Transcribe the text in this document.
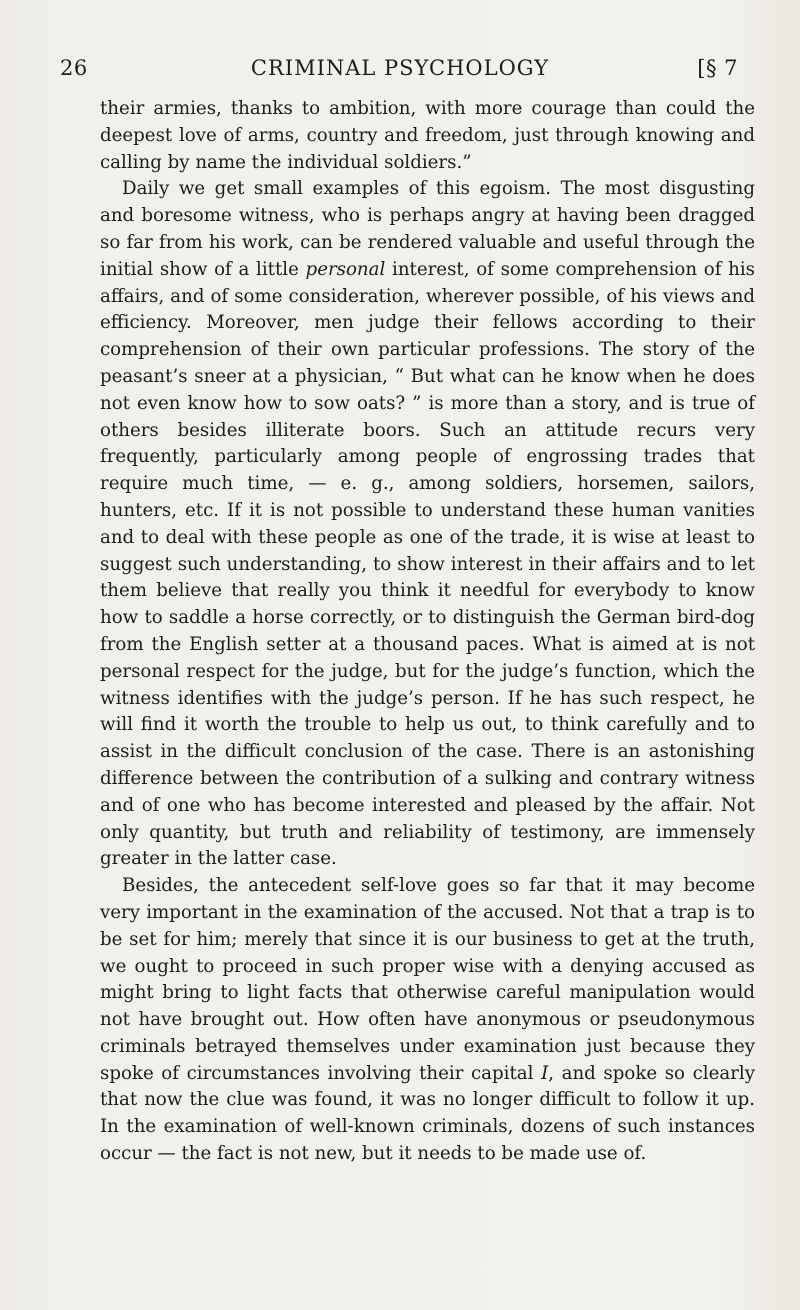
26	CRIMINAL PSYCHOLOGY	[§ 7

their armies, thanks to ambition, with more courage than could the deepest love of arms, country and freedom, just through knowing and calling by name the individual soldiers.”

Daily we get small examples of this egoism. The most disgusting and boresome witness, who is perhaps angry at having been dragged so far from his work, can be rendered valuable and useful through the initial show of a little personal interest, of some comprehension of his affairs, and of some consideration, wherever possible, of his views and efficiency. Moreover, men judge their fellows according to their comprehension of their own particular professions. The story of the peasant’s sneer at a physician, “ But what can he know when he does not even know how to sow oats? ” is more than a story, and is true of others besides illiterate boors. Such an attitude recurs very frequently, particularly among people of engrossing trades that require much time, — e. g., among soldiers, horsemen, sailors, hunters, etc. If it is not possible to understand these human vanities and to deal with these people as one of the trade, it is wise at least to suggest such understanding, to show interest in their affairs and to let them believe that really you think it needful for everybody to know how to saddle a horse correctly, or to distinguish the German bird-dog from the English setter at a thousand paces. What is aimed at is not personal respect for the judge, but for the judge’s function, which the witness identifies with the judge’s person. If he has such respect, he will find it worth the trouble to help us out, to think carefully and to assist in the difficult conclusion of the case. There is an astonishing difference between the contribution of a sulking and contrary witness and of one who has become interested and pleased by the affair. Not only quantity, but truth and reliability of testimony, are immensely greater in the latter case.

Besides, the antecedent self-love goes so far that it may become very important in the examination of the accused. Not that a trap is to be set for him; merely that since it is our business to get at the truth, we ought to proceed in such proper wise with a denying accused as might bring to light facts that otherwise careful manipulation would not have brought out. How often have anonymous or pseudonymous criminals betrayed themselves under examination just because they spoke of circumstances involving their capital I, and spoke so clearly that now the clue was found, it was no longer difficult to follow it up. In the examination of well-known criminals, dozens of such instances occur — the fact is not new, but it needs to be made use of.
